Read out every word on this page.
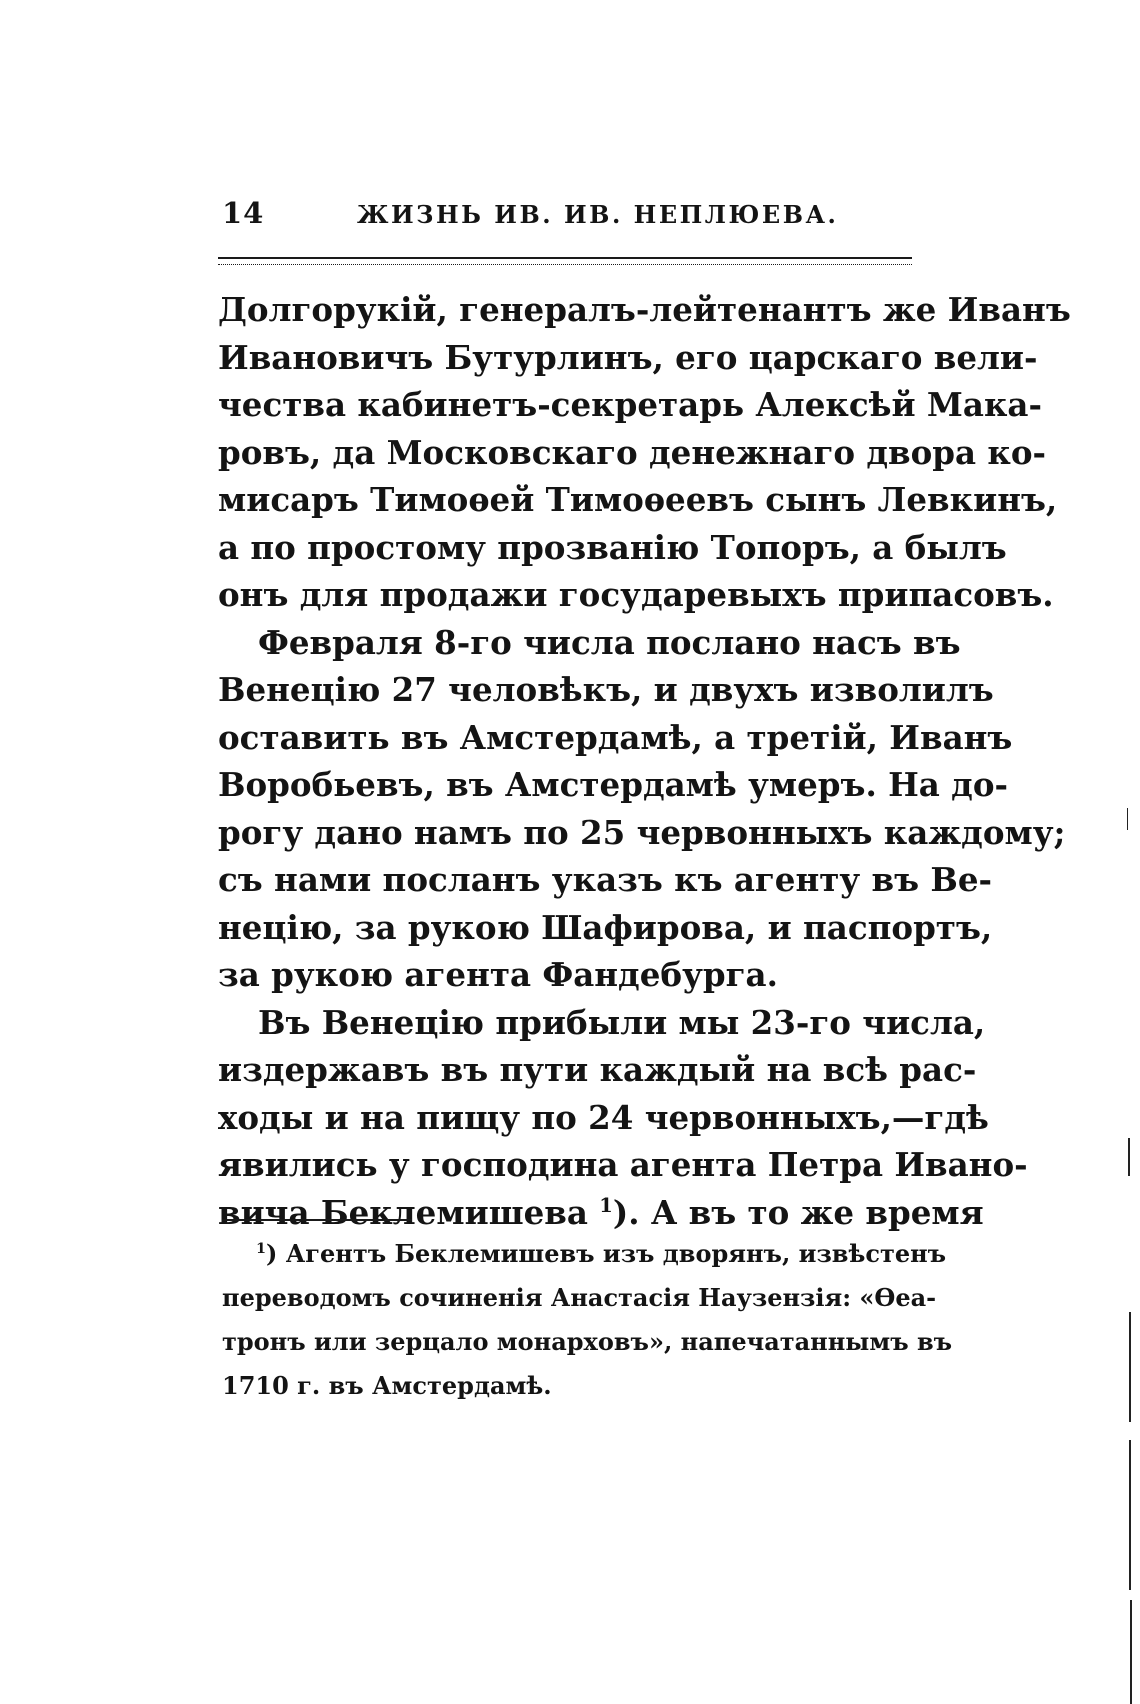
14	ЖИЗНЬ ИВ. ИВ. НЕПЛЮЕВА.
Долгорукій, генералъ-лейтенантъ же Иванъ
Ивановичъ Бутурлинъ, его царскаго вели-
чества кабинетъ-секретарь Алексѣй Мака-
ровъ, да Московскаго денежнаго двора ко-
мисаръ Тимоѳей Тимоѳеевъ сынъ Левкинъ,
а по простому прозванію Топоръ, а былъ
онъ для продажи государевыхъ припасовъ.
Февраля 8-го числа послано насъ въ
Венецію 27 человѣкъ, и двухъ изволилъ
оставить въ Амстердамѣ, а третій, Иванъ
Воробьевъ, въ Амстердамѣ умеръ. На до-
рогу дано намъ по 25 червонныхъ каждому;
съ нами посланъ указъ къ агенту въ Ве-
нецію, за рукою Шафирова, и паспортъ,
за рукою агента Фандебурга.
Въ Венецію прибыли мы 23-го числа,
издержавъ въ пути каждый на всѣ рас-
ходы и на пищу по 24 червонныхъ,—гдѣ
явились у господина агента Петра Ивано-
вича Беклемишева $^1$). А въ то же время
$^1$) Агентъ Беклемишевъ изъ дворянъ, извѣстенъ
переводомъ сочиненія Анастасія Наузензія: «Ѳеа-
тронъ или зерцало монарховъ», напечатаннымъ въ
1710 г. въ Амстердамѣ.
